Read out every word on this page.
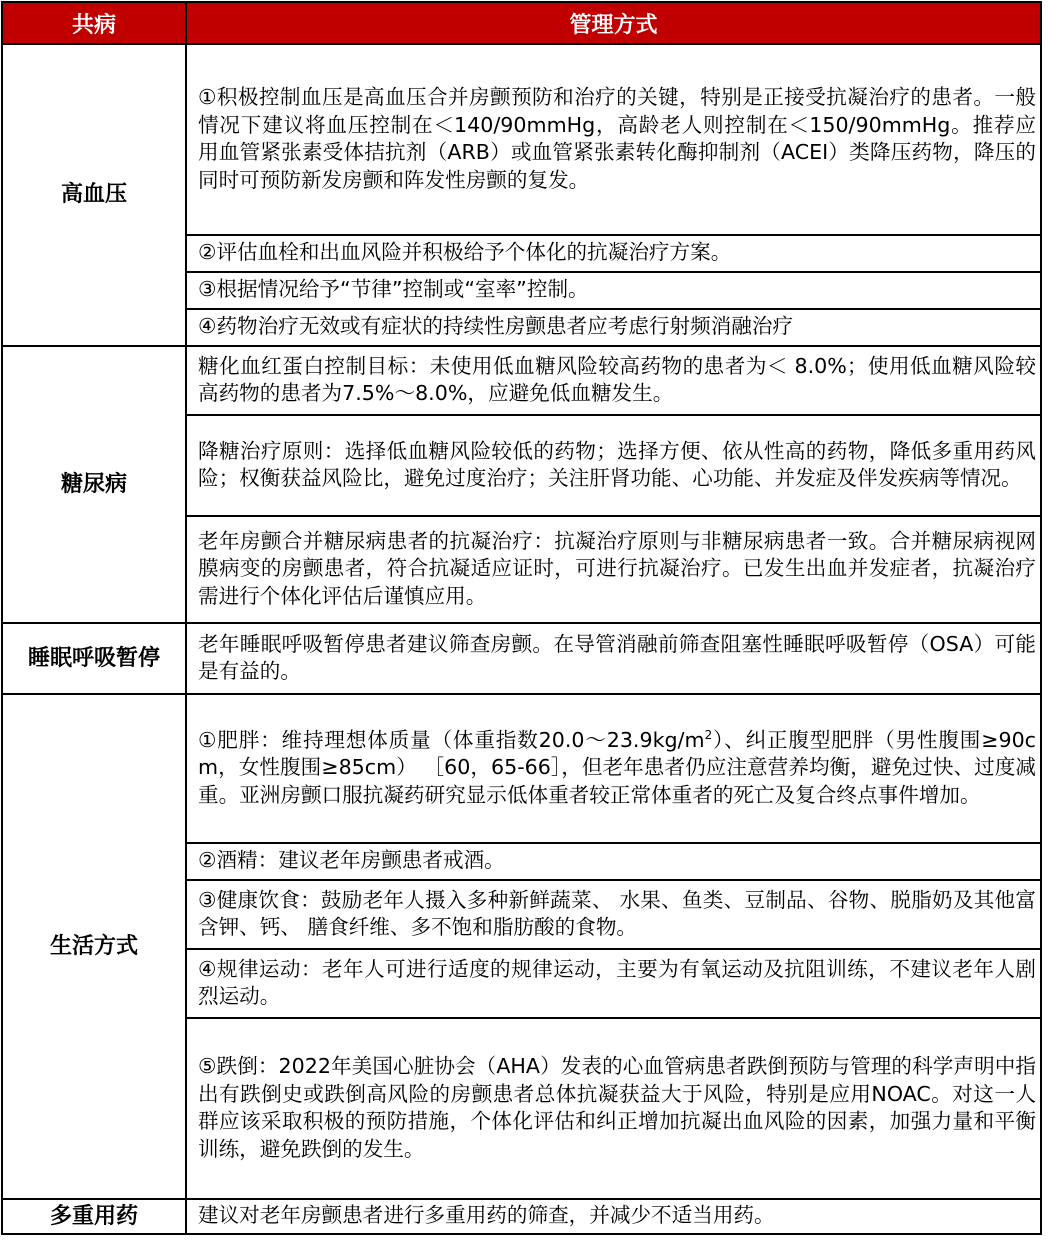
共病	管理方式
高血压	①积极控制血压是高血压合并房颤预防和治疗的关键，特别是正接受抗凝治疗的患者。一般情况下建议将血压控制在＜140/90mmHg，高龄老人则控制在＜150/90mmHg。推荐应用血管紧张素受体拮抗剂（ARB）或血管紧张素转化酶抑制剂（ACEI）类降压药物，降压的同时可预防新发房颤和阵发性房颤的复发。
	②评估血栓和出血风险并积极给予个体化的抗凝治疗方案。
	③根据情况给予“节律”控制或“室率”控制。
	④药物治疗无效或有症状的持续性房颤患者应考虑行射频消融治疗
糖尿病	糖化血红蛋白控制目标：未使用低血糖风险较高药物的患者为＜ 8.0%；使用低血糖风险较高药物的患者为7.5%～8.0%，应避免低血糖发生。
	降糖治疗原则：选择低血糖风险较低的药物；选择方便、依从性高的药物，降低多重用药风险；权衡获益风险比，避免过度治疗；关注肝肾功能、心功能、并发症及伴发疾病等情况。
	老年房颤合并糖尿病患者的抗凝治疗：抗凝治疗原则与非糖尿病患者一致。合并糖尿病视网膜病变的房颤患者，符合抗凝适应证时，可进行抗凝治疗。已发生出血并发症者，抗凝治疗需进行个体化评估后谨慎应用。
睡眠呼吸暂停	老年睡眠呼吸暂停患者建议筛查房颤。在导管消融前筛查阻塞性睡眠呼吸暂停（OSA）可能是有益的。
生活方式	①肥胖：维持理想体质量（体重指数$20.0\sim 23.9kg/m^2$）、纠正腹型肥胖（男性腹围≥90cm，女性腹围≥85cm） ［60，65-66］，但老年患者仍应注意营养均衡，避免过快、过度减重。亚洲房颤口服抗凝药研究显示低体重者较正常体重者的死亡及复合终点事件增加。
	②酒精：建议老年房颤患者戒酒。
	③健康饮食：鼓励老年人摄入多种新鲜蔬菜、 水果、鱼类、豆制品、谷物、脱脂奶及其他富含钾、钙、 膳食纤维、多不饱和脂肪酸的食物。
	④规律运动：老年人可进行适度的规律运动，主要为有氧运动及抗阻训练，不建议老年人剧烈运动。
	⑤跌倒：2022年美国心脏协会（AHA）发表的心血管病患者跌倒预防与管理的科学声明中指出有跌倒史或跌倒高风险的房颤患者总体抗凝获益大于风险，特别是应用NOAC。对这一人群应该采取积极的预防措施，个体化评估和纠正增加抗凝出血风险的因素，加强力量和平衡训练，避免跌倒的发生。
多重用药	建议对老年房颤患者进行多重用药的筛查，并减少不适当用药。
